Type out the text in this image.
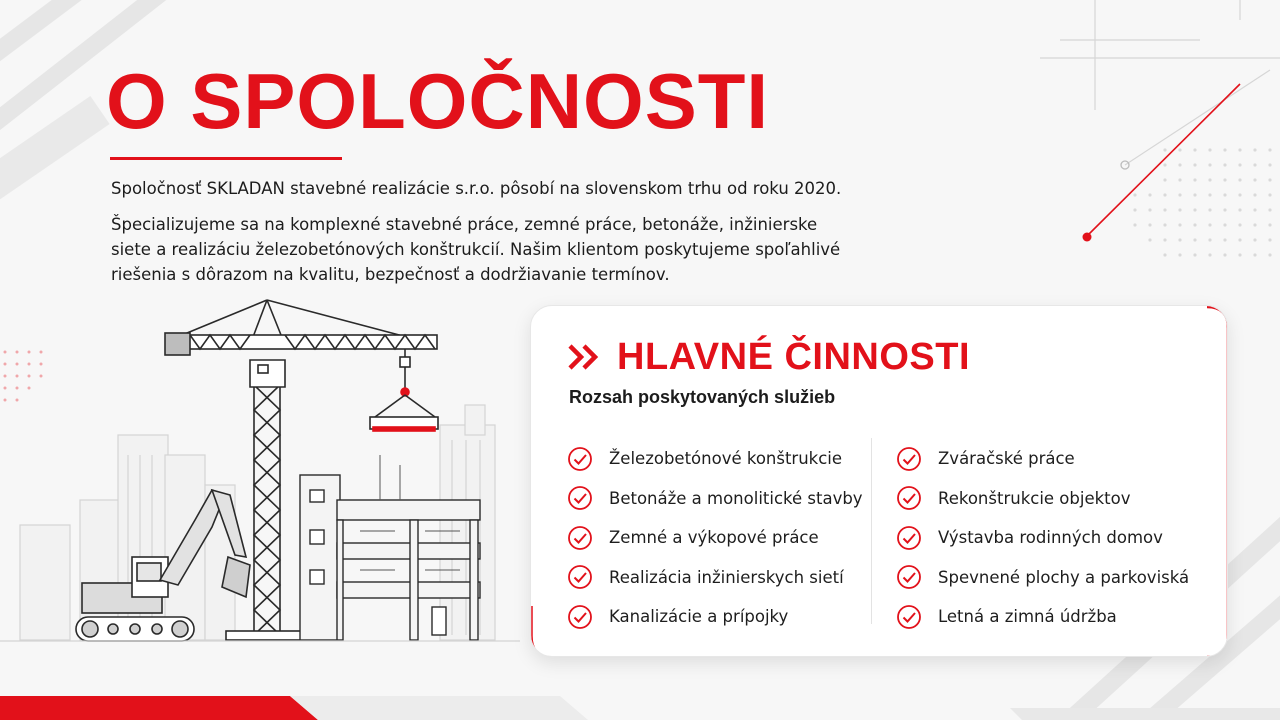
O SPOLOČNOSTI

Spoločnosť SKLADAN stavebné realizácie s.r.o. pôsobí na slovenskom trhu od roku 2020.

Špecializujeme sa na komplexné stavebné práce, zemné práce, betonáže, inžinierske siete a realizáciu železobetónových konštrukcií. Našim klientom poskytujeme spoľahlivé riešenia s dôrazom na kvalitu, bezpečnosť a dodržiavanie termínov.

HLAVNÉ ČINNOSTI
Rozsah poskytovaných služieb
Železobetónové konštrukcie
Betonáže a monolitické stavby
Zemné a výkopové práce
Realizácia inžinierskych sietí
Kanalizácie a prípojky
Zváračské práce
Rekonštrukcie objektov
Výstavba rodinných domov
Spevnené plochy a parkoviská
Letná a zimná údržba
